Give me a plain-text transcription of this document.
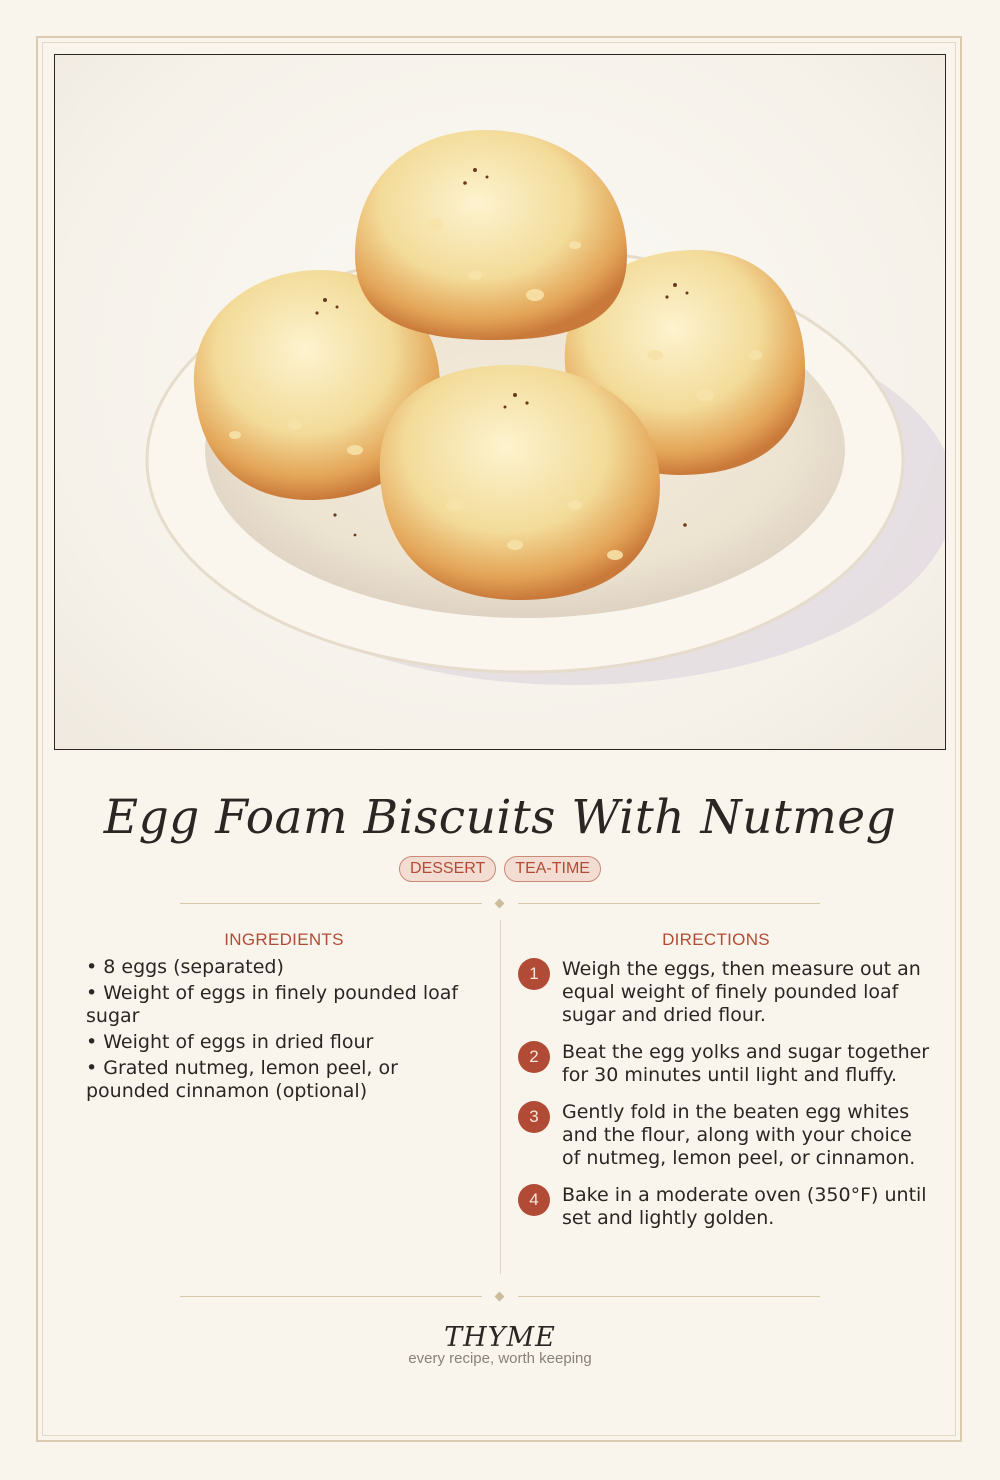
Egg Foam Biscuits With Nutmeg
DESSERT	TEA-TIME
INGREDIENTS	DIRECTIONS
• 8 eggs (separated)
• Weight of eggs in finely pounded loaf sugar
• Weight of eggs in dried flour
• Grated nutmeg, lemon peel, or pounded cinnamon (optional)
1	Weigh the eggs, then measure out an equal weight of finely pounded loaf sugar and dried flour.
2	Beat the egg yolks and sugar together for 30 minutes until light and fluffy.
3	Gently fold in the beaten egg whites and the flour, along with your choice of nutmeg, lemon peel, or cinnamon.
4	Bake in a moderate oven (350°F) until set and lightly golden.
THYME
every recipe, worth keeping
